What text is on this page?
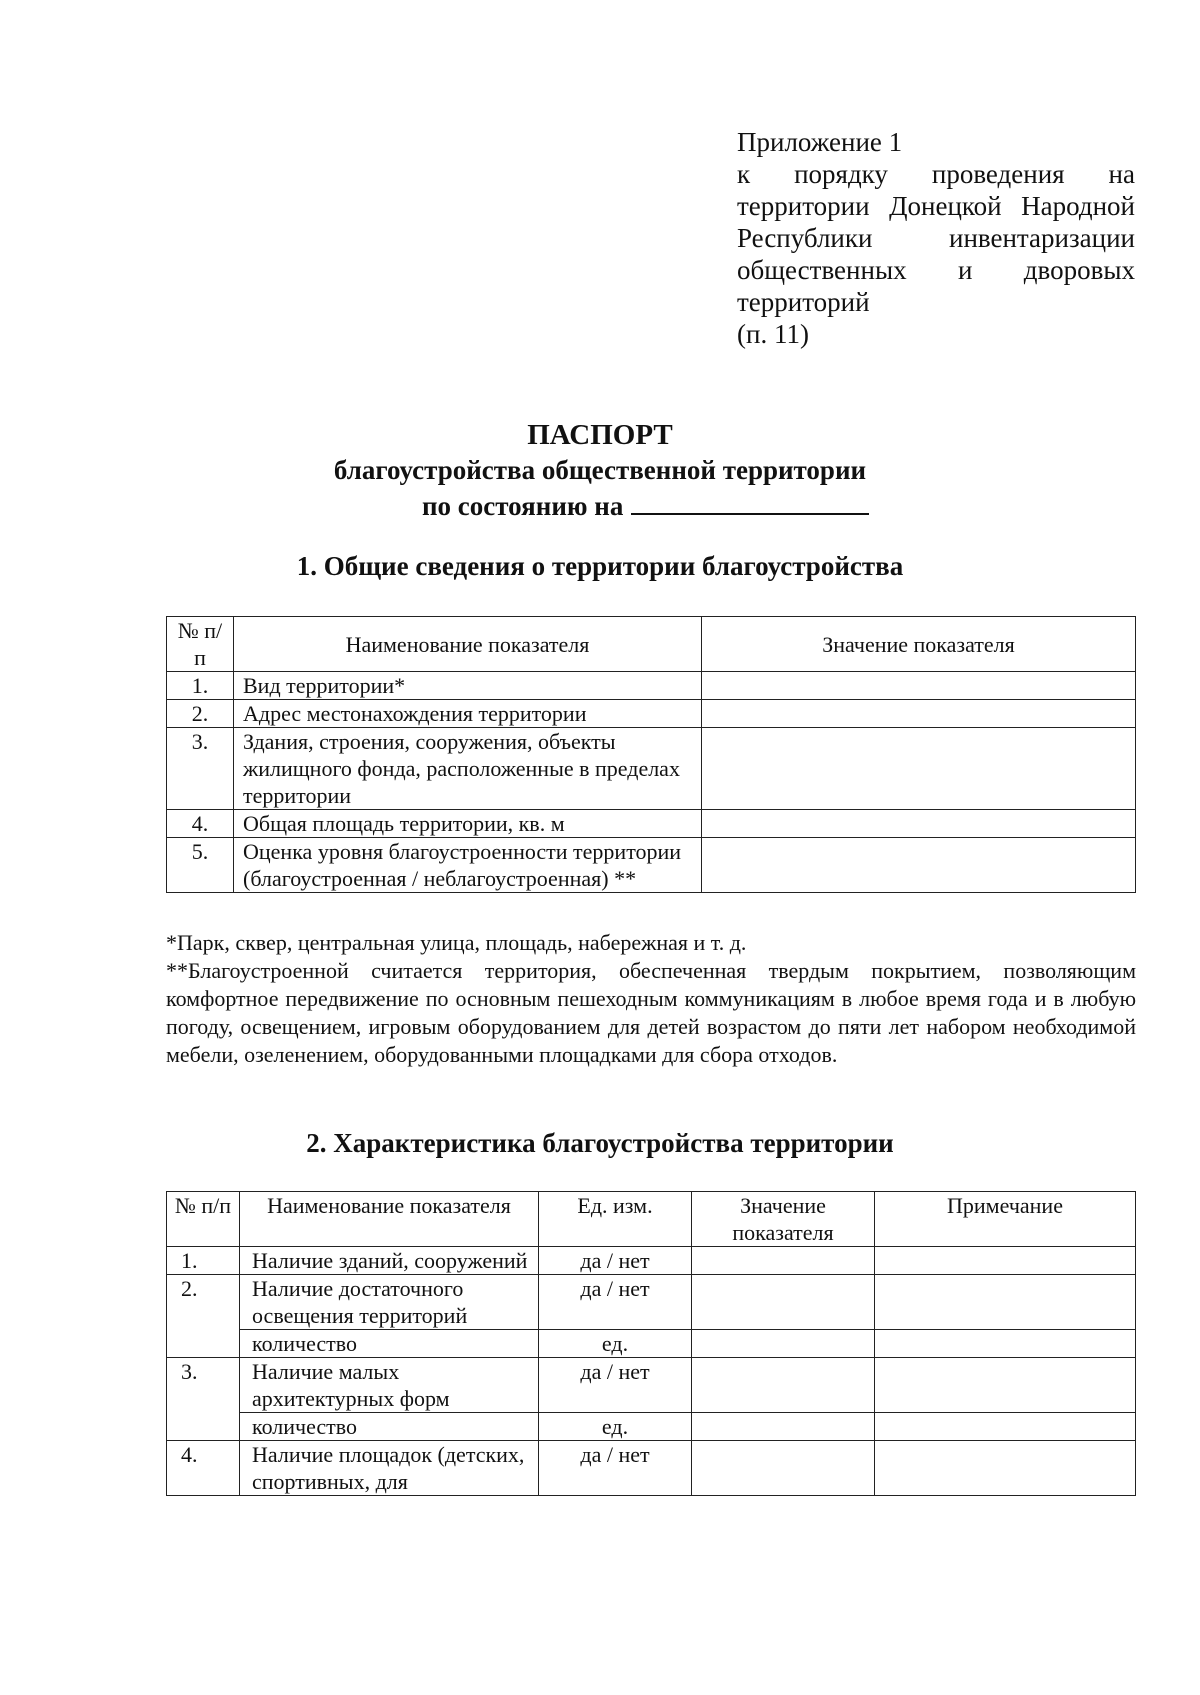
Приложение 1
к порядку проведения на
территории Донецкой Народной
Республики инвентаризации
общественных и дворовых
территорий
(п. 11)
ПАСПОРТ
благоустройства общественной территории
по состоянию на
1. Общие сведения о территории благоустройства
№ п/п	Наименование показателя	Значение показателя
1.	Вид территории*	
2.	Адрес местонахождения территории	
3.	Здания, строения, сооружения, объекты жилищного фонда, расположенные в пределах территории	
4.	Общая площадь территории, кв. м	
5.	Оценка уровня благоустроенности территории (благоустроенная / неблагоустроенная) **	

*Парк, сквер, центральная улица, площадь, набережная и т. д.

**Благоустроенной считается территория, обеспеченная твердым покрытием, позволяющим комфортное передвижение по основным пешеходным коммуникациям в любое время года и в любую погоду, освещением, игровым оборудованием для детей возрастом до пяти лет набором необходимой мебели, озеленением, оборудованными площадками для сбора отходов.

2. Характеристика благоустройства территории
№ п/п	Наименование показателя	Ед. изм.	Значение показателя	Примечание
1.	Наличие зданий, сооружений	да / нет		
2.	Наличие достаточного освещения территорий	да / нет		
	количество	ед.		
3.	Наличие малых архитектурных форм	да / нет		
	количество	ед.		
4.	Наличие площадок (детских, спортивных, для	да / нет		
